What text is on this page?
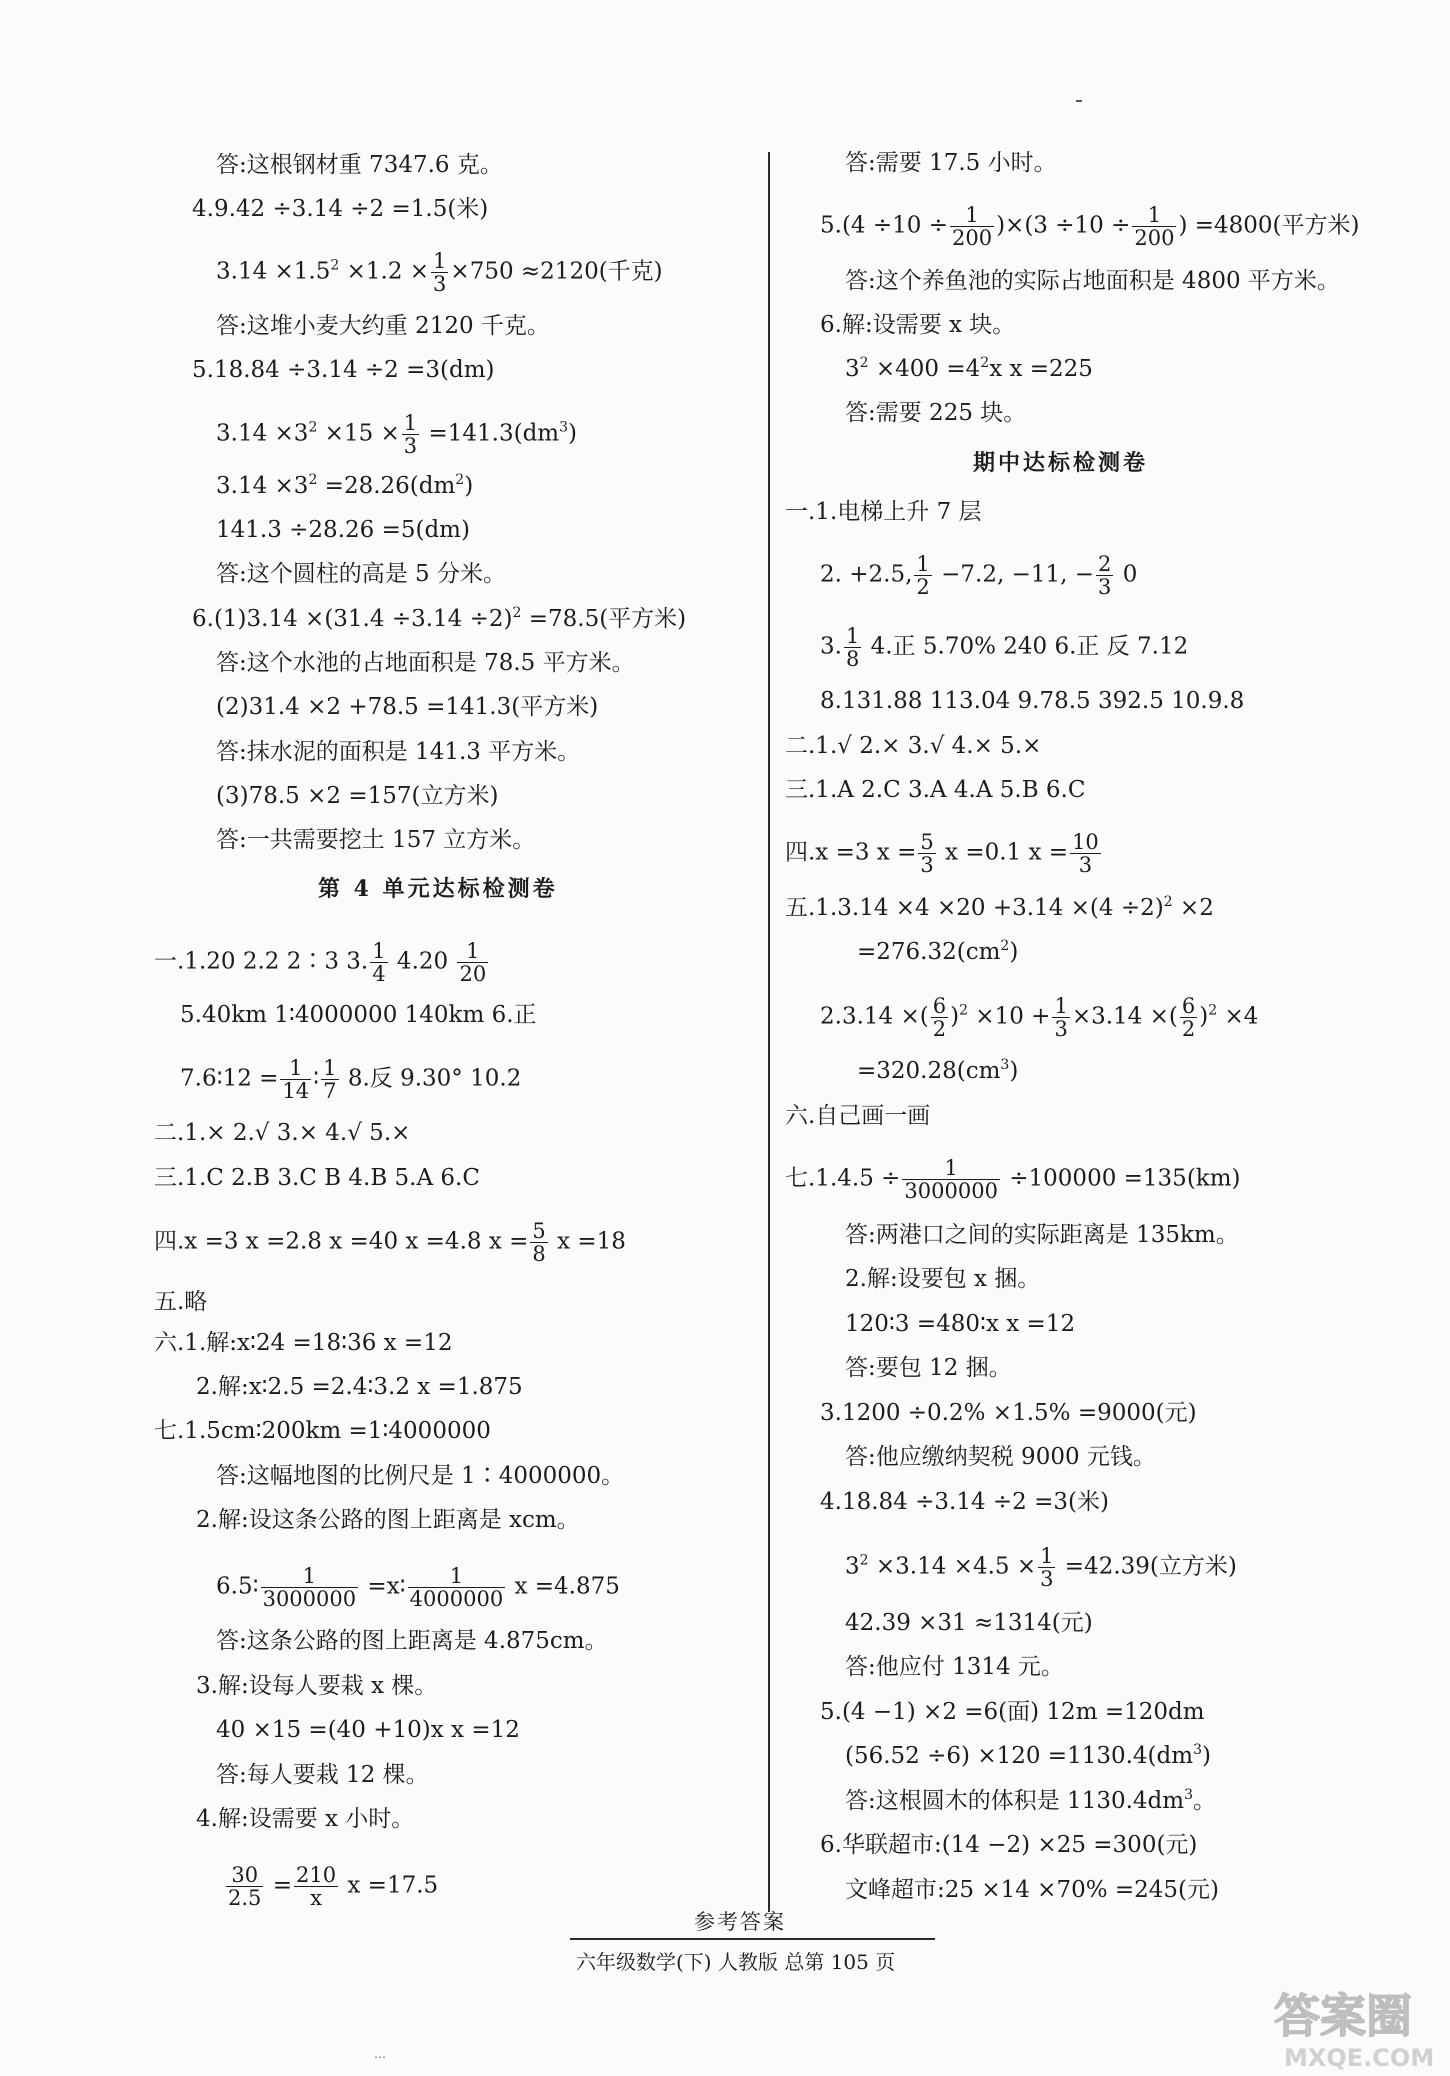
答:这根钢材重 7347.6 克。
4.9.42 ÷3.14 ÷2 =1.5(米)
$3.14 \times 1.5^2 \times 1.2 \times \frac{1}{3} \times 750 \approx 2120$(千克)
答:这堆小麦大约重 2120 千克。
5.18.84 ÷3.14 ÷2 =3(dm)
$3.14 \times 3^2 \times 15 \times \frac{1}{3} =141.3(dm^3)$
$3.14 \times 3^2 =28.26(dm^2)$
141.3 ÷28.26 =5(dm)
答:这个圆柱的高是 5 分米。
$6.(1)3.14 \times(31.4 \div 3.14 \div 2)^2 =78.5$(平方米)
答:这个水池的占地面积是 78.5 平方米。
(2)31.4 ×2 +78.5 =141.3(平方米)
答:抹水泥的面积是 141.3 平方米。
(3)78.5 ×2 =157(立方米)
答:一共需要挖土 157 立方米。
第 4 单元达标检测卷
一.1.20 2.2 2∶3 3. $\frac{1}{4} 4.20 \frac{1}{20}$
5.40km 1∶4000000 140km 6.正
7.6∶12 = $\frac{1}{14}$ ∶ $\frac{1}{7} 8$.反 9.30° 10.2
二.1.× 2.√ 3.× 4.√ 5.×
三.1.C 2.B 3.C B 4.B 5.A 6.C
四.x =3 x =2.8 x =40 x =4.8 $x = \frac{5}{8}$ x =18
五.略
六.1.解:x∶24 =18∶36 x =12
2.解:x∶2.5 =2.4∶3.2 x =1.875
七.1.5cm∶200km =1∶4000000
答:这幅地图的比例尺是 1∶4000000。
2.解:设这条公路的图上距离是 xcm。
6.5∶ $\frac{1}{3000000}$ =x∶ $\frac{1}{4000000}$ x =4.875
答:这条公路的图上距离是 4.875cm。
3.解:设每人要栽 x 棵。
40 ×15 =(40 +10)x x =12
答:每人要栽 12 棵。
4.解:设需要 x 小时。
$\frac{30}{2.5} = \frac{210}{x}$ x =17.5
答:需要 17.5 小时。
$5.(4 \div 10 \div \frac{1}{200} )\times(3 \div 10 \div \frac{1}{200}$ ) =4800(平方米)
答:这个养鱼池的实际占地面积是 4800 平方米。
6.解:设需要 x 块。
$3^2 \times 400 =4^2x$ x =225
答:需要 225 块。
期中达标检测卷
一.1.电梯上升 7 层
2. +2.5, $\frac{1}{2} -7.2$, −11, − $\frac{2}{3} 0$
3. $\frac{1}{8} 4$.正 5.70% 240 6.正 反 7.12
8.131.88 113.04 9.78.5 392.5 10.9.8
二.1.√ 2.× 3.√ 4.× 5.×
三.1.A 2.C 3.A 4.A 5.B 6.C
四.x =3 $x = \frac{5}{3}$ x =0.1 $x = \frac{10}{3}$
五$.1.3.14 \times 4 \times 20 +3.14 \times(4 \div 2)^2 \times 2$
$=276.32(cm^2)$
2.3.14 ×( $\frac{6}{2} )^2 \times 10 + \frac{1}{3} \times 3.14$ ×( $\frac{6}{2} )^2 \times 4$
$=320.28(cm^3)$
六.自己画一画
七$.1.4.5 \div \frac{1}{3000000} \div 100000 =135(km)$
答:两港口之间的实际距离是 135km。
2.解:设要包 x 捆。
120∶3 =480∶x x =12
答:要包 12 捆。
3.1200 ÷0.2% ×1.5% =9000(元)
答:他应缴纳契税 9000 元钱。
4.18.84 ÷3.14 ÷2 =3(米)
$3^2 \times 3.14 \times 4.5 \times \frac{1}{3} =42.39$(立方米)
42.39 ×31 ≈1314(元)
答:他应付 1314 元。
5.(4 −1) ×2 =6(面) 12m =120dm
$(56.52 \div 6) \times 120 =1130.4(dm^3)$
答:这根圆木的体积是 $1130.4dm^3$。
6.华联超市:(14 −2) ×25 =300(元)
文峰超市:25 ×14 ×70% =245(元)
参考答案
六年级数学(下) 人教版 总第 105 页
⋯
答案圈
MXQE.COM
